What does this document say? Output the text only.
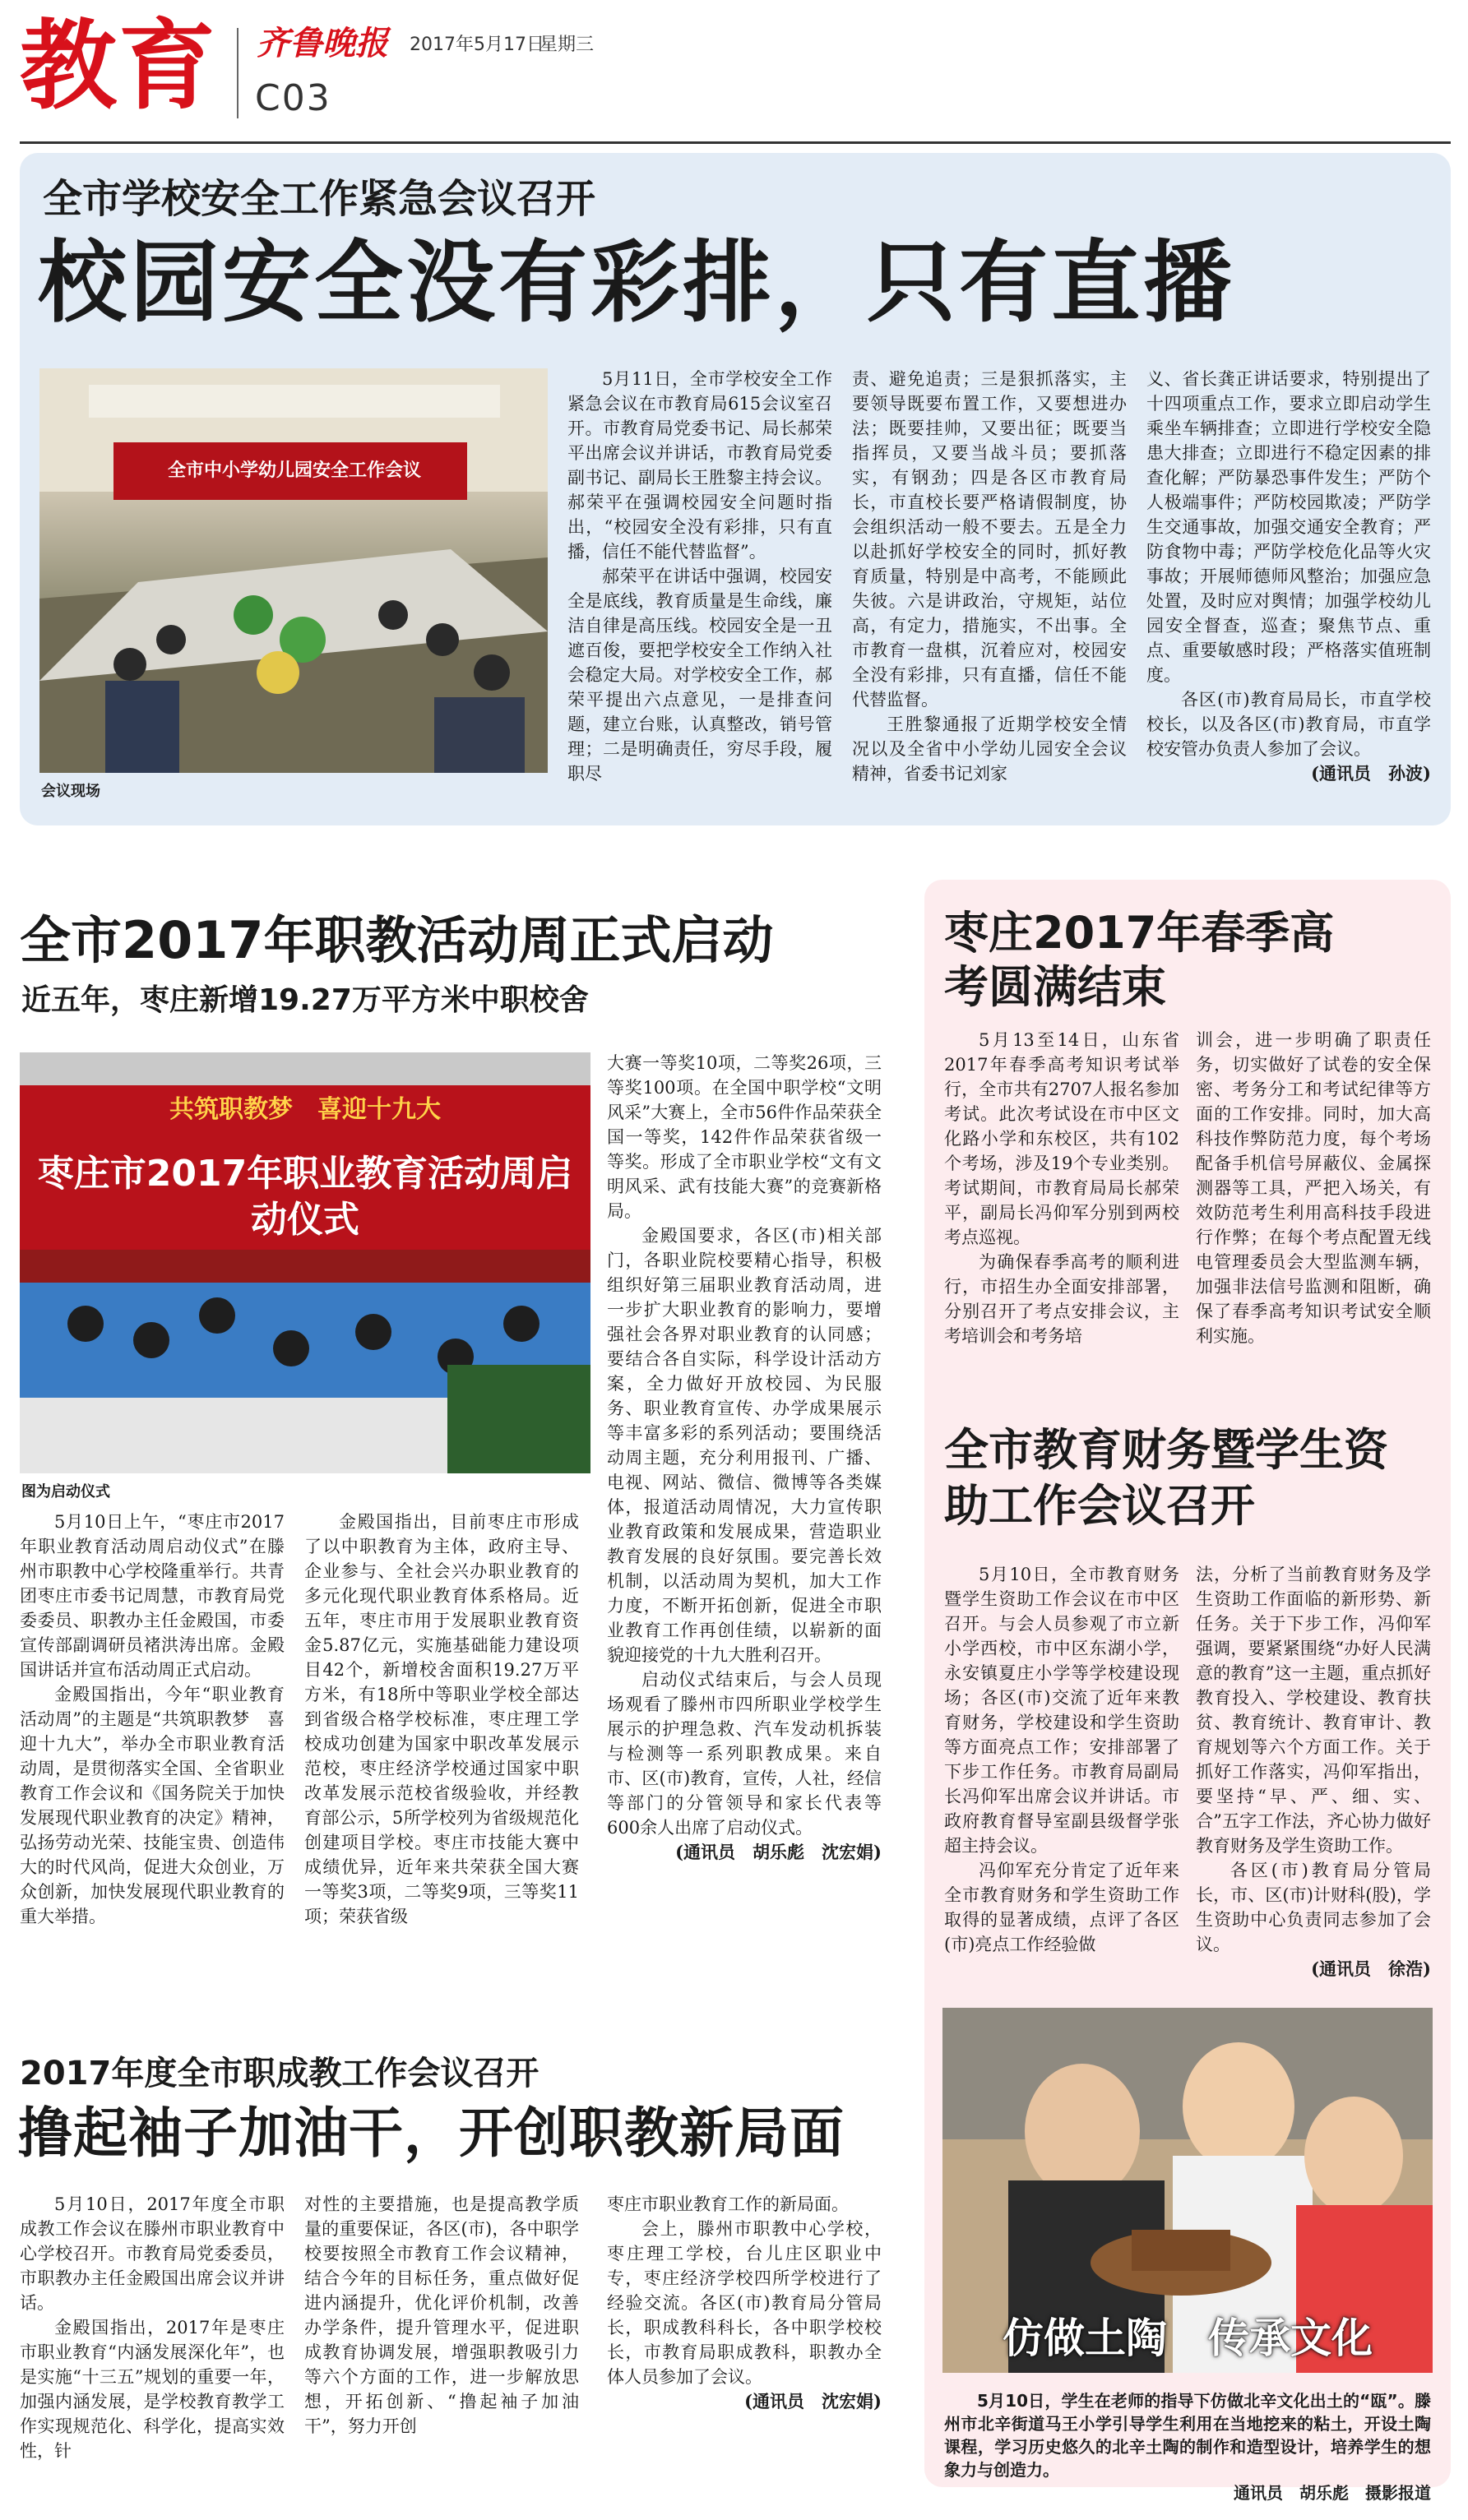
教育 齐鲁晚报 2017年5月17日
星期三
C03
全市学校安全工作紧急会议召开
校园安全没有彩排，只有直播
全市中小学幼儿园安全工作会议
会议现场

5月11日，全市学校安全工作紧急会议在市教育局615会议室召开。市教育局党委书记、局长郝荣平出席会议并讲话，市教育局党委副书记、副局长王胜黎主持会议。郝荣平在强调校园安全问题时指出，“校园安全没有彩排，只有直播，信任不能代替监督”。

郝荣平在讲话中强调，校园安全是底线，教育质量是生命线，廉洁自律是高压线。校园安全是一丑遮百俊，要把学校安全工作纳入社会稳定大局。对学校安全工作，郝荣平提出六点意见，一是排查问题，建立台账，认真整改，销号管理；二是明确责任，穷尽手段，履职尽

责、避免追责；三是狠抓落实，主要领导既要布置工作，又要想进办法；既要挂帅，又要出征；既要当指挥员，又要当战斗员；要抓落实，有钢劲；四是各区市教育局长，市直校长要严格请假制度，协会组织活动一般不要去。五是全力以赴抓好学校安全的同时，抓好教育质量，特别是中高考，不能顾此失彼。六是讲政治，守规矩，站位高，有定力，措施实，不出事。全市教育一盘棋，沉着应对，校园安全没有彩排，只有直播，信任不能代替监督。

王胜黎通报了近期学校安全情况以及全省中小学幼儿园安全会议精神，省委书记刘家

义、省长龚正讲话要求，特别提出了十四项重点工作，要求立即启动学生乘坐车辆排查；立即进行学校安全隐患大排查；立即进行不稳定因素的排查化解；严防暴恐事件发生；严防个人极端事件；严防校园欺凌；严防学生交通事故，加强交通安全教育；严防食物中毒；严防学校危化品等火灾事故；开展师德师风整治；加强应急处置，及时应对舆情；加强学校幼儿园安全督查，巡查；聚焦节点、重点、重要敏感时段；严格落实值班制度。

各区(市)教育局局长，市直学校校长，以及各区(市)教育局，市直学校安管办负责人参加了会议。

(通讯员　孙波)
全市2017年职教活动周正式启动
近五年，枣庄新增19.27万平方米中职校舍
共筑职教梦　喜迎十九大
枣庄市2017年职业教育活动周启动仪式
图为启动仪式

5月10日上午，“枣庄市2017年职业教育活动周启动仪式”在滕州市职教中心学校隆重举行。共青团枣庄市委书记周慧，市教育局党委委员、职教办主任金殿国，市委宣传部副调研员褚洪涛出席。金殿国讲话并宣布活动周正式启动。

金殿国指出，今年“职业教育活动周”的主题是“共筑职教梦　喜迎十九大”，举办全市职业教育活动周，是贯彻落实全国、全省职业教育工作会议和《国务院关于加快发展现代职业教育的决定》精神，弘扬劳动光荣、技能宝贵、创造伟大的时代风尚，促进大众创业，万众创新，加快发展现代职业教育的重大举措。

金殿国指出，目前枣庄市形成了以中职教育为主体，政府主导、企业参与、全社会兴办职业教育的多元化现代职业教育体系格局。近五年，枣庄市用于发展职业教育资金5.87亿元，实施基础能力建设项目42个，新增校舍面积19.27万平方米，有18所中等职业学校全部达到省级合格学校标准，枣庄理工学校成功创建为国家中职改革发展示范校，枣庄经济学校通过国家中职改革发展示范校省级验收，并经教育部公示，5所学校列为省级规范化创建项目学校。枣庄市技能大赛中成绩优异，近年来共荣获全国大赛一等奖3项，二等奖9项，三等奖11项；荣获省级

大赛一等奖10项，二等奖26项，三等奖100项。在全国中职学校“文明风采”大赛上，全市56件作品荣获全国一等奖，142件作品荣获省级一等奖。形成了全市职业学校“文有文明风采、武有技能大赛”的竞赛新格局。

金殿国要求，各区(市)相关部门，各职业院校要精心指导，积极组织好第三届职业教育活动周，进一步扩大职业教育的影响力，要增强社会各界对职业教育的认同感；要结合各自实际，科学设计活动方案，全力做好开放校园、为民服务、职业教育宣传、办学成果展示等丰富多彩的系列活动；要围绕活动周主题，充分利用报刊、广播、电视、网站、微信、微博等各类媒体，报道活动周情况，大力宣传职业教育政策和发展成果，营造职业教育发展的良好氛围。要完善长效机制，以活动周为契机，加大工作力度，不断开拓创新，促进全市职业教育工作再创佳绩，以崭新的面貌迎接党的十九大胜利召开。

启动仪式结束后，与会人员现场观看了滕州市四所职业学校学生展示的护理急救、汽车发动机拆装与检测等一系列职教成果。来自市、区(市)教育，宣传，人社，经信等部门的分管领导和家长代表等600余人出席了启动仪式。

(通讯员　胡乐彪　沈宏娟)
枣庄2017年春季高考圆满结束

5月13至14日，山东省2017年春季高考知识考试举行，全市共有2707人报名参加考试。此次考试设在市中区文化路小学和东校区，共有102个考场，涉及19个专业类别。考试期间，市教育局局长郝荣平，副局长冯仰军分别到两校考点巡视。

为确保春季高考的顺利进行，市招生办全面安排部署，分别召开了考点安排会议，主考培训会和考务培

训会，进一步明确了职责任务，切实做好了试卷的安全保密、考务分工和考试纪律等方面的工作安排。同时，加大高科技作弊防范力度，每个考场配备手机信号屏蔽仪、金属探测器等工具，严把入场关，有效防范考生利用高科技手段进行作弊；在每个考点配置无线电管理委员会大型监测车辆，加强非法信号监测和阻断，确保了春季高考知识考试安全顺利实施。

全市教育财务暨学生资助工作会议召开

5月10日，全市教育财务暨学生资助工作会议在市中区召开。与会人员参观了市立新小学西校，市中区东湖小学，永安镇夏庄小学等学校建设现场；各区(市)交流了近年来教育财务，学校建设和学生资助等方面亮点工作；安排部署了下步工作任务。市教育局副局长冯仰军出席会议并讲话。市政府教育督导室副县级督学张超主持会议。

冯仰军充分肯定了近年来全市教育财务和学生资助工作取得的显著成绩，点评了各区(市)亮点工作经验做

法，分析了当前教育财务及学生资助工作面临的新形势、新任务。关于下步工作，冯仰军强调，要紧紧围绕“办好人民满意的教育”这一主题，重点抓好教育投入、学校建设、教育扶贫、教育统计、教育审计、教育规划等六个方面工作。关于抓好工作落实，冯仰军指出，要坚持“早、严、细、实、合”五字工作法，齐心协力做好教育财务及学生资助工作。

各区(市)教育局分管局长，市、区(市)计财科(股)，学生资助中心负责同志参加了会议。

(通讯员　徐浩)
仿做土陶　传承文化

5月10日，学生在老师的指导下仿做北辛文化出土的“瓯”。滕州市北辛街道马王小学引导学生利用在当地挖来的粘土，开设土陶课程，学习历史悠久的北辛土陶的制作和造型设计，培养学生的想象力与创造力。

通讯员　胡乐彪　摄影报道
2017年度全市职成教工作会议召开
撸起袖子加油干，开创职教新局面

5月10日，2017年度全市职成教工作会议在滕州市职业教育中心学校召开。市教育局党委委员，市职教办主任金殿国出席会议并讲话。

金殿国指出，2017年是枣庄市职业教育“内涵发展深化年”，也是实施“十三五”规划的重要一年，加强内涵发展，是学校教育教学工作实现规范化、科学化，提高实效性，针

对性的主要措施，也是提高教学质量的重要保证，各区(市)，各中职学校要按照全市教育工作会议精神，结合今年的目标任务，重点做好促进内涵提升，优化评价机制，改善办学条件，提升管理水平，促进职成教育协调发展，增强职教吸引力等六个方面的工作，进一步解放思想，开拓创新、“撸起袖子加油干”，努力开创

枣庄市职业教育工作的新局面。

会上，滕州市职教中心学校，枣庄理工学校，台儿庄区职业中专，枣庄经济学校四所学校进行了经验交流。各区(市)教育局分管局长，职成教科科长，各中职学校校长，市教育局职成教科，职教办全体人员参加了会议。

(通讯员　沈宏娟)
